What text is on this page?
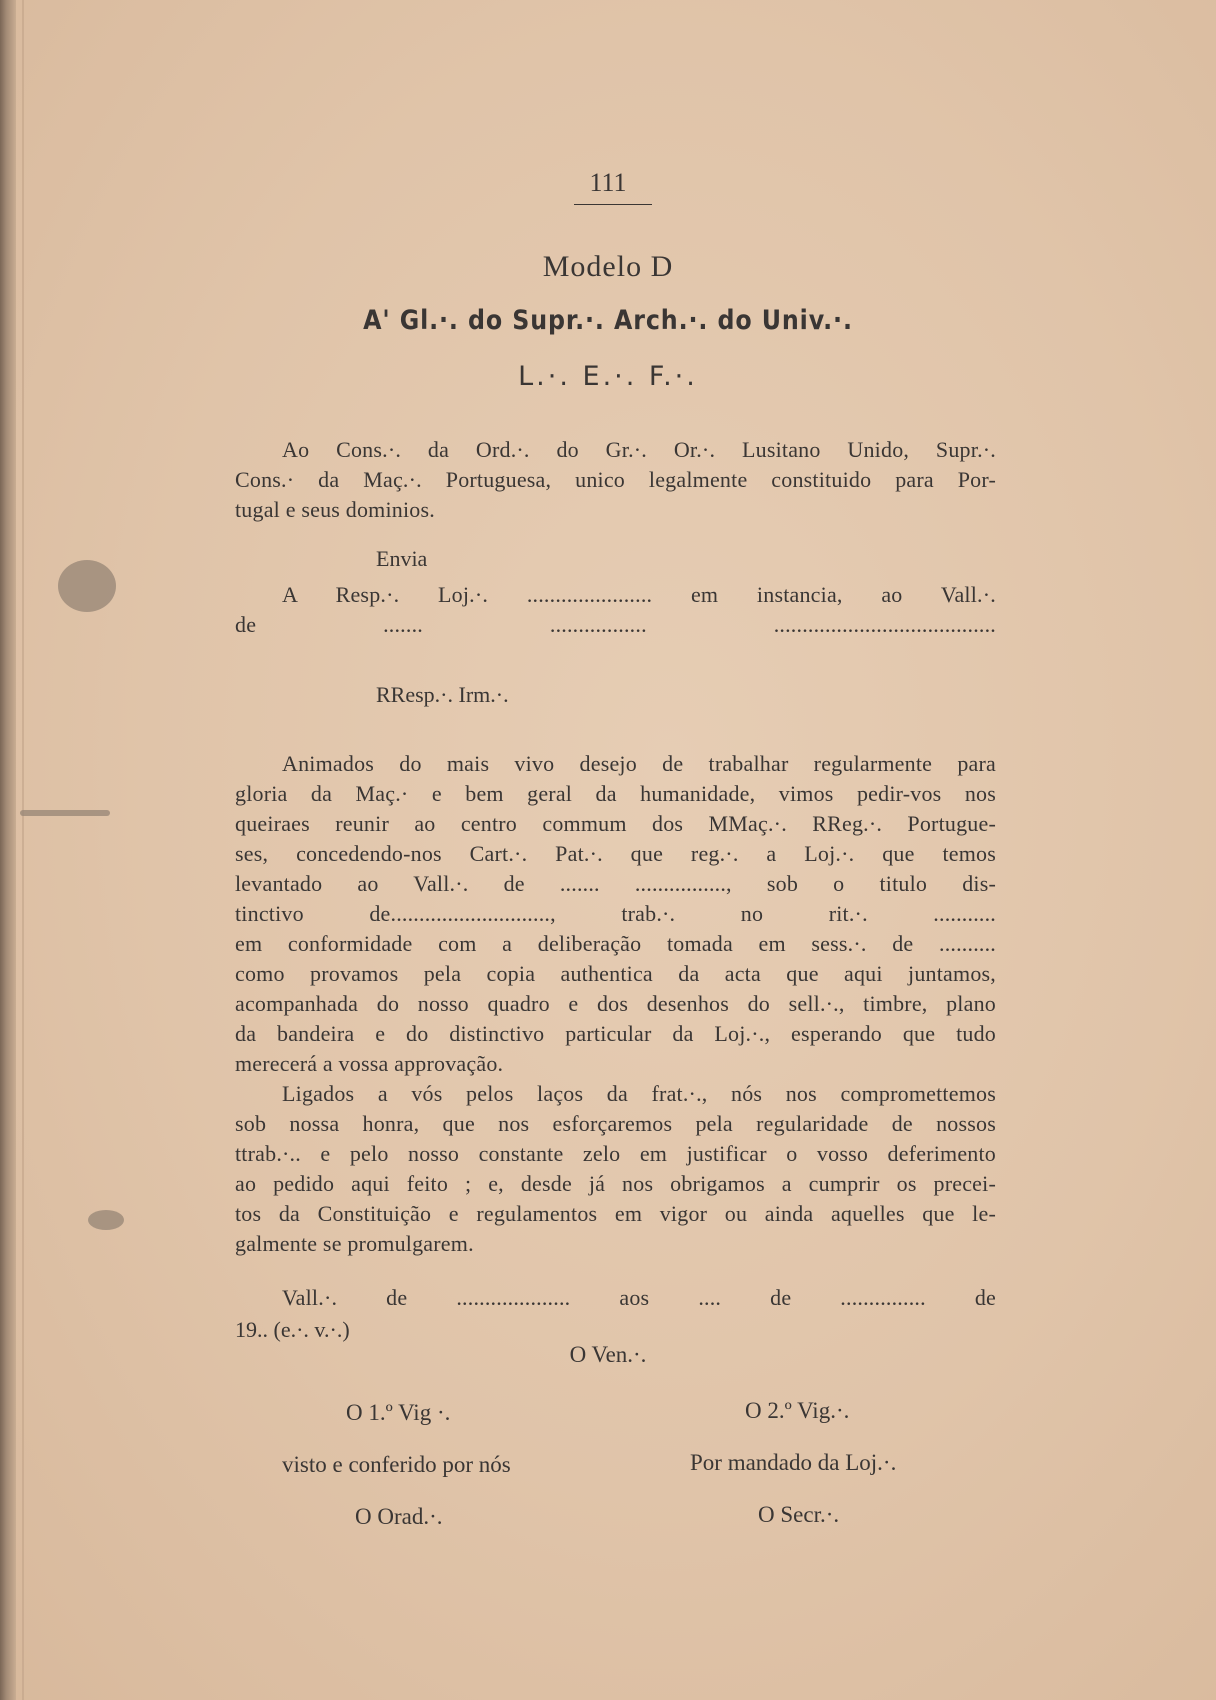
111
Modelo D
A' Gl.·. do Supr.·. Arch.·. do Univ.·.
L.·. E.·. F.·.
Ao Cons.·. da Ord.·. do Gr.·. Or.·. Lusitano Unido, Supr.·.
Cons.· da Maç.·. Portuguesa, unico legalmente constituido para Por-
tugal e seus dominios.
Envia
A Resp.·. Loj.·. ...................... em instancia, ao Vall.·.
de ....... ................. .......................................
RResp.·. Irm.·.
Animados do mais vivo desejo de trabalhar regularmente para
gloria da Maç.· e bem geral da humanidade, vimos pedir-vos nos
queiraes reunir ao centro commum dos MMaç.·. RReg.·. Portugue-
ses, concedendo-nos Cart.·. Pat.·. que reg.·. a Loj.·. que temos
levantado ao Vall.·. de ....... ................, sob o titulo dis-
tinctivo de............................, trab.·. no rit.·. ...........
em conformidade com a deliberação tomada em sess.·. de ..........
como provamos pela copia authentica da acta que aqui juntamos,
acompanhada do nosso quadro e dos desenhos do sell.·., timbre, plano
da bandeira e do distinctivo particular da Loj.·., esperando que tudo
merecerá a vossa approvação.
Ligados a vós pelos laços da frat.·., nós nos compromettemos
sob nossa honra, que nos esforçaremos pela regularidade de nossos
ttrab.·.. e pelo nosso constante zelo em justificar o vosso deferimento
ao pedido aqui feito ; e, desde já nos obrigamos a cumprir os precei-
tos da Constituição e regulamentos em vigor ou ainda aquelles que le-
galmente se promulgarem.
Vall.·. de .................... aos .... de ............... de
19.. (e.·. v.·.)
O Ven.·.
O 1.º Vig ·.	O 2.º Vig.·.
visto e conferido por nós	Por mandado da Loj.·.
O Orad.·.	O Secr.·.
